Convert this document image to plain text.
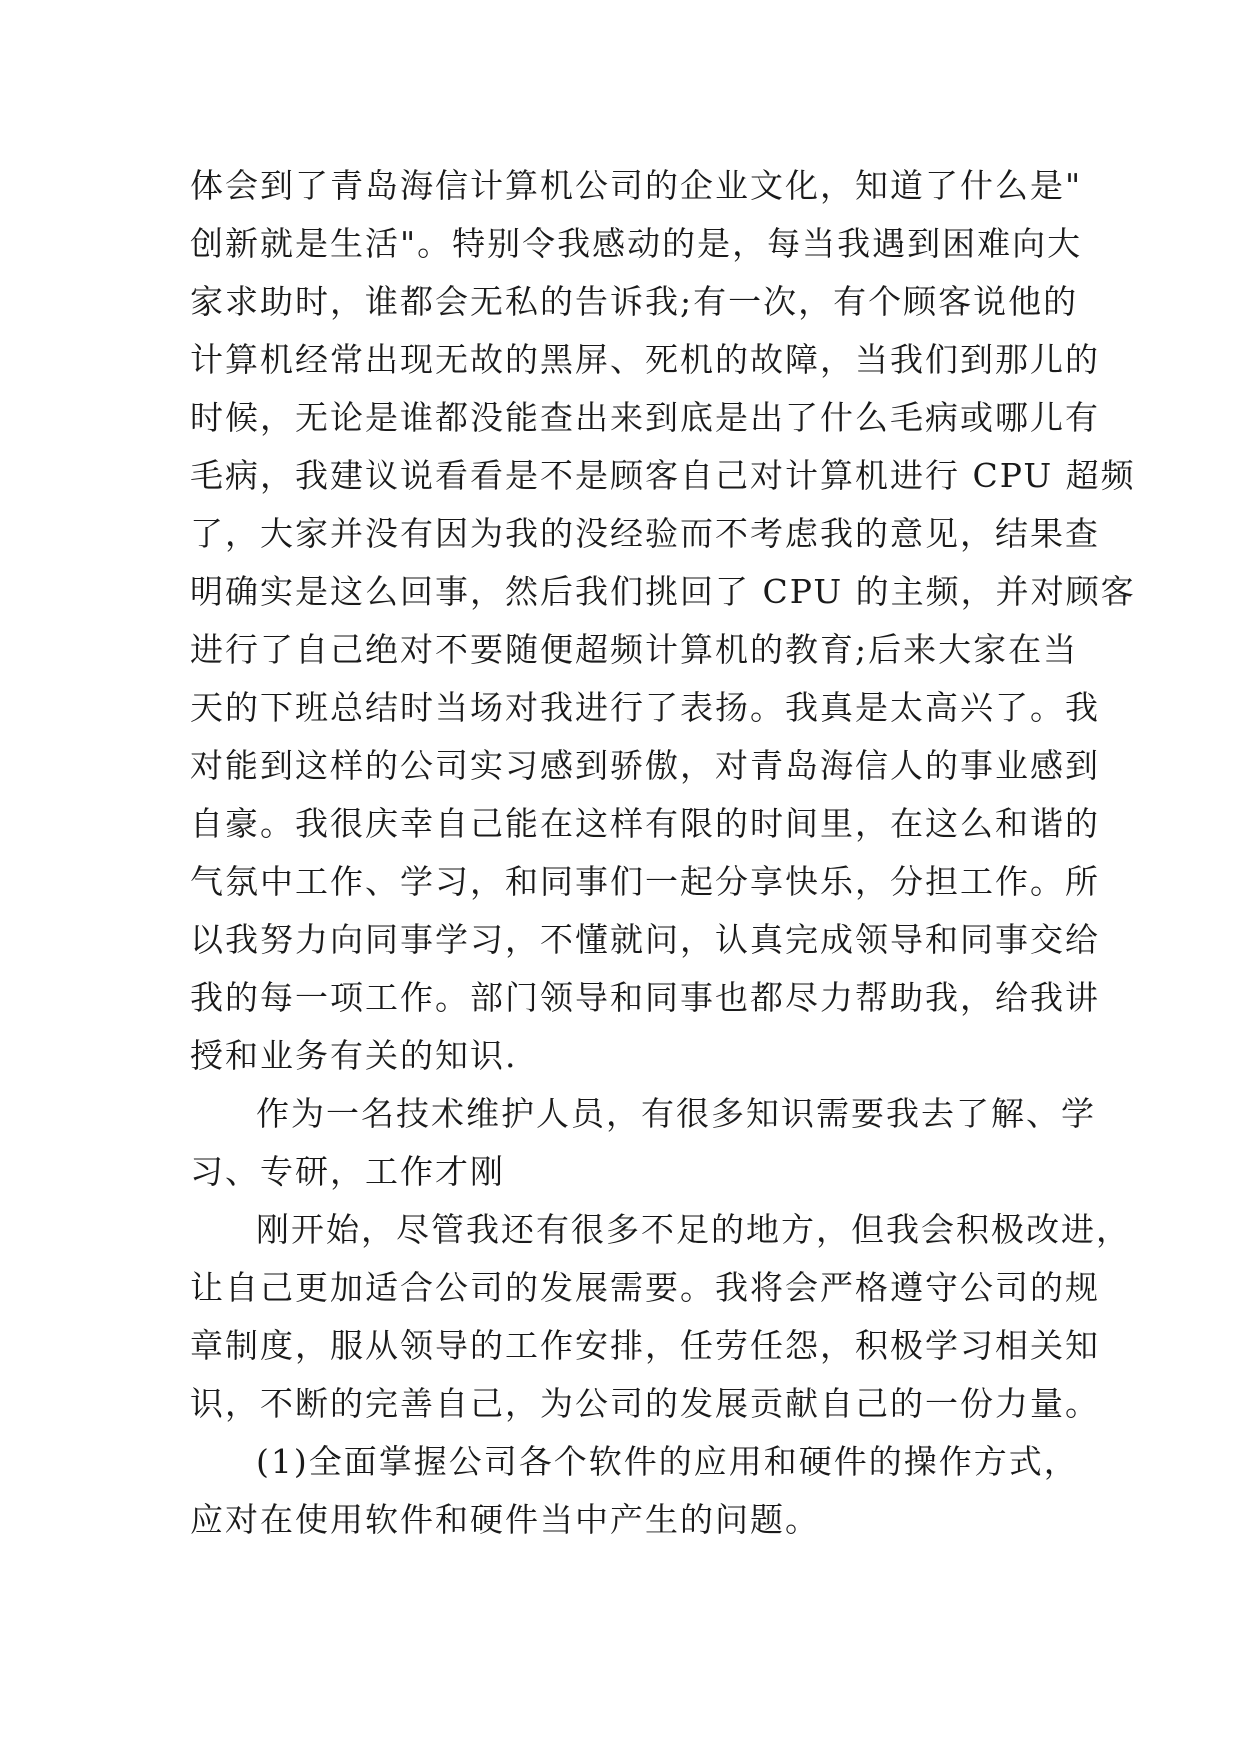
体会到了青岛海信计算机公司的企业文化，知道了什么是"
创新就是生活"。特别令我感动的是，每当我遇到困难向大
家求助时，谁都会无私的告诉我;有一次，有个顾客说他的
计算机经常出现无故的黑屏、死机的故障，当我们到那儿的
时候，无论是谁都没能查出来到底是出了什么毛病或哪儿有
毛病，我建议说看看是不是顾客自己对计算机进行 CPU 超频
了，大家并没有因为我的没经验而不考虑我的意见，结果查
明确实是这么回事，然后我们挑回了 CPU 的主频，并对顾客
进行了自己绝对不要随便超频计算机的教育;后来大家在当
天的下班总结时当场对我进行了表扬。我真是太高兴了。我
对能到这样的公司实习感到骄傲，对青岛海信人的事业感到
自豪。我很庆幸自己能在这样有限的时间里，在这么和谐的
气氛中工作、学习，和同事们一起分享快乐，分担工作。所
以我努力向同事学习，不懂就问，认真完成领导和同事交给
我的每一项工作。部门领导和同事也都尽力帮助我，给我讲
授和业务有关的知识.
作为一名技术维护人员，有很多知识需要我去了解、学
习、专研，工作才刚
刚开始，尽管我还有很多不足的地方，但我会积极改进，
让自己更加适合公司的发展需要。我将会严格遵守公司的规
章制度，服从领导的工作安排，任劳任怨，积极学习相关知
识，不断的完善自己，为公司的发展贡献自己的一份力量。
(1)全面掌握公司各个软件的应用和硬件的操作方式，
应对在使用软件和硬件当中产生的问题。
